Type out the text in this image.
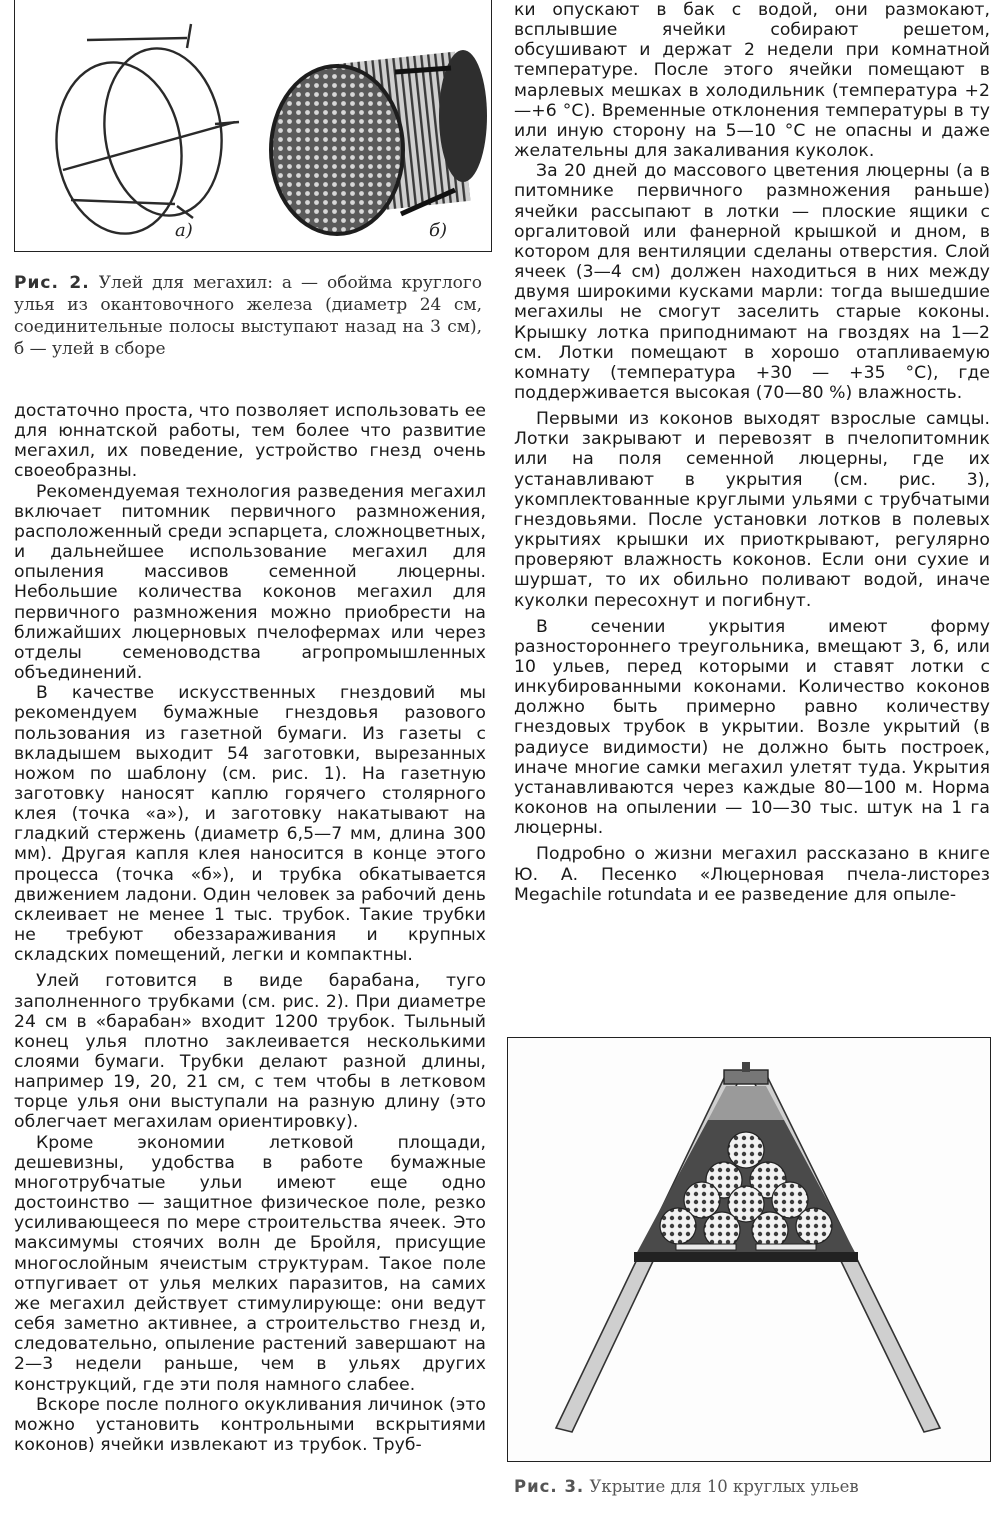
а)	б)
Рис. 2. Улей для мегахил: а — обойма круглого улья из окантовочного железа (диаметр 24 см, соединительные полосы выступают назад на 3 см), б — улей в сборе

достаточно проста, что позволяет использовать ее для юннатской работы, тем более что развитие мегахил, их поведение, устройство гнезд очень своеобразны.

Рекомендуемая технология разведения мегахил включает питомник первичного размножения, расположенный среди эспарцета, сложноцветных, и дальнейшее использование мегахил для опыления массивов семенной люцерны. Небольшие количества коконов мегахил для первичного размножения можно приобрести на ближайших люцерновых пчелофермах или через отделы семеноводства агропромышленных объединений.

В качестве искусственных гнездовий мы рекомендуем бумажные гнездовья разового пользования из газетной бумаги. Из газеты с вкладышем выходит 54 заготовки, вырезанных ножом по шаблону (см. рис. 1). На газетную заготовку наносят каплю горячего столярного клея (точка «а»), и заготовку накатывают на гладкий стержень (диаметр 6,5—7 мм, длина 300 мм). Другая капля клея наносится в конце этого процесса (точка «б»), и трубка обкатывается движением ладони. Один человек за рабочий день склеивает не менее 1 тыс. трубок. Такие трубки не требуют обеззараживания и крупных складских помещений, легки и компактны.

Улей готовится в виде барабана, туго заполненного трубками (см. рис. 2). При диаметре 24 см в «барабан» входит 1200 трубок. Тыльный конец улья плотно заклеивается несколькими слоями бумаги. Трубки делают разной длины, например 19, 20, 21 см, с тем чтобы в летковом торце улья они выступали на разную длину (это облегчает мегахилам ориентировку).

Кроме экономии летковой площади, дешевизны, удобства в работе бумажные многотрубчатые ульи имеют еще одно достоинство — защитное физическое поле, резко усиливающееся по мере строительства ячеек. Это максимумы стоячих волн де Бройля, присущие многослойным ячеистым структурам. Такое поле отпугивает от улья мелких паразитов, на самих же мегахил действует стимулирующе: они ведут себя заметно активнее, а строительство гнезд и, следовательно, опыление растений завершают на 2—3 недели раньше, чем в ульях других конструкций, где эти поля намного слабее.

Вскоре после полного окукливания личинок (это можно установить контрольными вскрытиями коконов) ячейки извлекают из трубок. Труб-

ки опускают в бак с водой, они размокают, всплывшие ячейки собирают решетом, обсушивают и держат 2 недели при комнатной температуре. После этого ячейки помещают в марлевых мешках в холодильник (температура +2—+6 °С). Временные отклонения температуры в ту или иную сторону на 5—10 °С не опасны и даже желательны для закаливания куколок.

За 20 дней до массового цветения люцерны (а в питомнике первичного размножения раньше) ячейки рассыпают в лотки — плоские ящики с оргалитовой или фанерной крышкой и дном, в котором для вентиляции сделаны отверстия. Слой ячеек (3—4 см) должен находиться в них между двумя широкими кусками марли: тогда вышедшие мегахилы не смогут заселить старые коконы. Крышку лотка приподнимают на гвоздях на 1—2 см. Лотки помещают в хорошо отапливаемую комнату (температура +30 — +35 °С), где поддерживается высокая (70—80 %) влажность.

Первыми из коконов выходят взрослые самцы. Лотки закрывают и перевозят в пчелопитомник или на поля семенной люцерны, где их устанавливают в укрытия (см. рис. 3), укомплектованные круглыми ульями с трубчатыми гнездовьями. После установки лотков в полевых укрытиях крышки их приоткрывают, регулярно проверяют влажность коконов. Если они сухие и шуршат, то их обильно поливают водой, иначе куколки пересохнут и погибнут.

В сечении укрытия имеют форму разностороннего треугольника, вмещают 3, 6, или 10 ульев, перед которыми и ставят лотки с инкубированными коконами. Количество коконов должно быть примерно равно количеству гнездовых трубок в укрытии. Возле укрытий (в радиусе видимости) не должно быть построек, иначе многие самки мегахил улетят туда. Укрытия устанавливаются через каждые 80—100 м. Норма коконов на опылении — 10—30 тыс. штук на 1 га люцерны.

Подробно о жизни мегахил рассказано в книге Ю. А. Песенко «Люцерновая пчела-листорез Megachile rotundata и ее разведение для опыле-

Рис. 3. Укрытие для 10 круглых ульев
